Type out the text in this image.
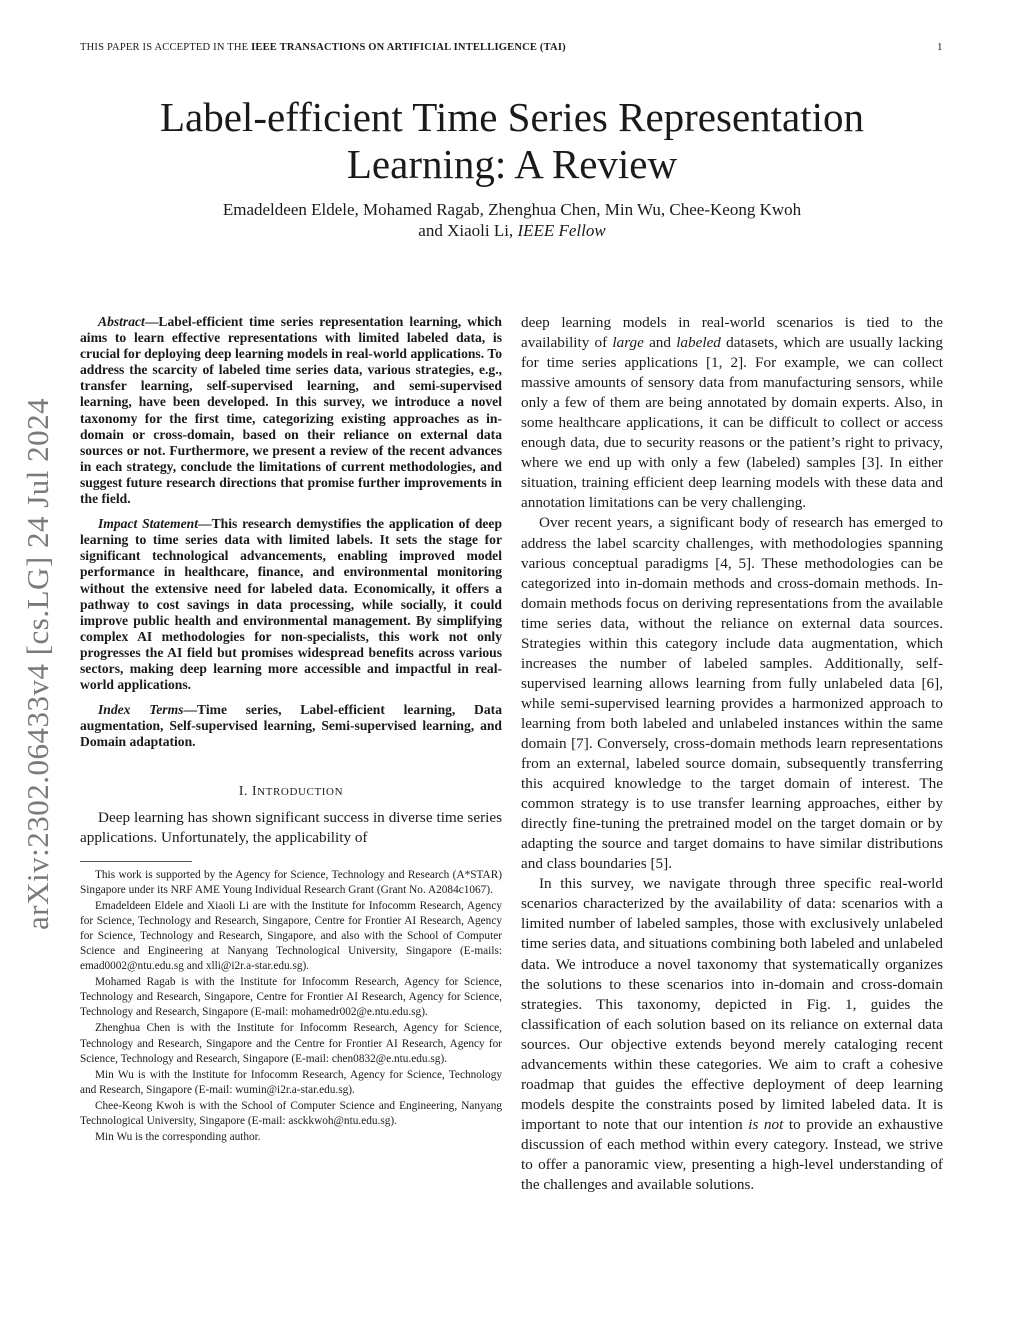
THIS PAPER IS ACCEPTED IN THE IEEE TRANSACTIONS ON ARTIFICIAL INTELLIGENCE (TAI)	1
Label-efficient Time Series Representation
Learning: A Review
Emadeldeen Eldele, Mohamed Ragab, Zhenghua Chen, Min Wu, Chee-Keong Kwoh
and Xiaoli Li, IEEE Fellow
arXiv:2302.06433v4 [cs.LG] 24 Jul 2024

Abstract—Label-efficient time series representation learning, which aims to learn effective representations with limited labeled data, is crucial for deploying deep learning models in real-world applications. To address the scarcity of labeled time series data, various strategies, e.g., transfer learning, self-supervised learning, and semi-supervised learning, have been developed. In this survey, we introduce a novel taxonomy for the first time, categorizing existing approaches as in-domain or cross-domain, based on their reliance on external data sources or not. Furthermore, we present a review of the recent advances in each strategy, conclude the limitations of current methodologies, and suggest future research directions that promise further improvements in the field.

Impact Statement—This research demystifies the application of deep learning to time series data with limited labels. It sets the stage for significant technological advancements, enabling improved model performance in healthcare, finance, and environmental monitoring without the extensive need for labeled data. Economically, it offers a pathway to cost savings in data processing, while socially, it could improve public health and environmental management. By simplifying complex AI methodologies for non-specialists, this work not only progresses the AI field but promises widespread benefits across various sectors, making deep learning more accessible and impactful in real-world applications.

Index Terms—Time series, Label-efficient learning, Data augmentation, Self-supervised learning, Semi-supervised learning, and Domain adaptation.

I. INTRODUCTION

Deep learning has shown significant success in diverse time series applications. Unfortunately, the applicability of

This work is supported by the Agency for Science, Technology and Research (A*STAR) Singapore under its NRF AME Young Individual Research Grant (Grant No. A2084c1067).

Emadeldeen Eldele and Xiaoli Li are with the Institute for Infocomm Research, Agency for Science, Technology and Research, Singapore, Centre for Frontier AI Research, Agency for Science, Technology and Research, Singapore, and also with the School of Computer Science and Engineering at Nanyang Technological University, Singapore (E-mails: emad0002@ntu.edu.sg and xlli@i2r.a-star.edu.sg).

Mohamed Ragab is with the Institute for Infocomm Research, Agency for Science, Technology and Research, Singapore, Centre for Frontier AI Research, Agency for Science, Technology and Research, Singapore (E-mail: mohamedr002@e.ntu.edu.sg).

Zhenghua Chen is with the Institute for Infocomm Research, Agency for Science, Technology and Research, Singapore and the Centre for Frontier AI Research, Agency for Science, Technology and Research, Singapore (E-mail: chen0832@e.ntu.edu.sg).

Min Wu is with the Institute for Infocomm Research, Agency for Science, Technology and Research, Singapore (E-mail: wumin@i2r.a-star.edu.sg).

Chee-Keong Kwoh is with the School of Computer Science and Engineering, Nanyang Technological University, Singapore (E-mail: asckkwoh@ntu.edu.sg).

Min Wu is the corresponding author.

deep learning models in real-world scenarios is tied to the availability of large and labeled datasets, which are usually lacking for time series applications [1, 2]. For example, we can collect massive amounts of sensory data from manufacturing sensors, while only a few of them are being annotated by domain experts. Also, in some healthcare applications, it can be difficult to collect or access enough data, due to security reasons or the patient’s right to privacy, where we end up with only a few (labeled) samples [3]. In either situation, training efficient deep learning models with these data and annotation limitations can be very challenging.

Over recent years, a significant body of research has emerged to address the label scarcity challenges, with methodologies spanning various conceptual paradigms [4, 5]. These methodologies can be categorized into in-domain methods and cross-domain methods. In-domain methods focus on deriving representations from the available time series data, without the reliance on external data sources. Strategies within this category include data augmentation, which increases the number of labeled samples. Additionally, self-supervised learning allows learning from fully unlabeled data [6], while semi-supervised learning provides a harmonized approach to learning from both labeled and unlabeled instances within the same domain [7]. Conversely, cross-domain methods learn representations from an external, labeled source domain, subsequently transferring this acquired knowledge to the target domain of interest. The common strategy is to use transfer learning approaches, either by directly fine-tuning the pretrained model on the target domain or by adapting the source and target domains to have similar distributions and class boundaries [5].

In this survey, we navigate through three specific real-world scenarios characterized by the availability of data: scenarios with a limited number of labeled samples, those with exclusively unlabeled time series data, and situations combining both labeled and unlabeled data. We introduce a novel taxonomy that systematically organizes the solutions to these scenarios into in-domain and cross-domain strategies. This taxonomy, depicted in Fig. 1, guides the classification of each solution based on its reliance on external data sources. Our objective extends beyond merely cataloging recent advancements within these categories. We aim to craft a cohesive roadmap that guides the effective deployment of deep learning models despite the constraints posed by limited labeled data. It is important to note that our intention is not to provide an exhaustive discussion of each method within every category. Instead, we strive to offer a panoramic view, presenting a high-level understanding of the challenges and available solutions.
